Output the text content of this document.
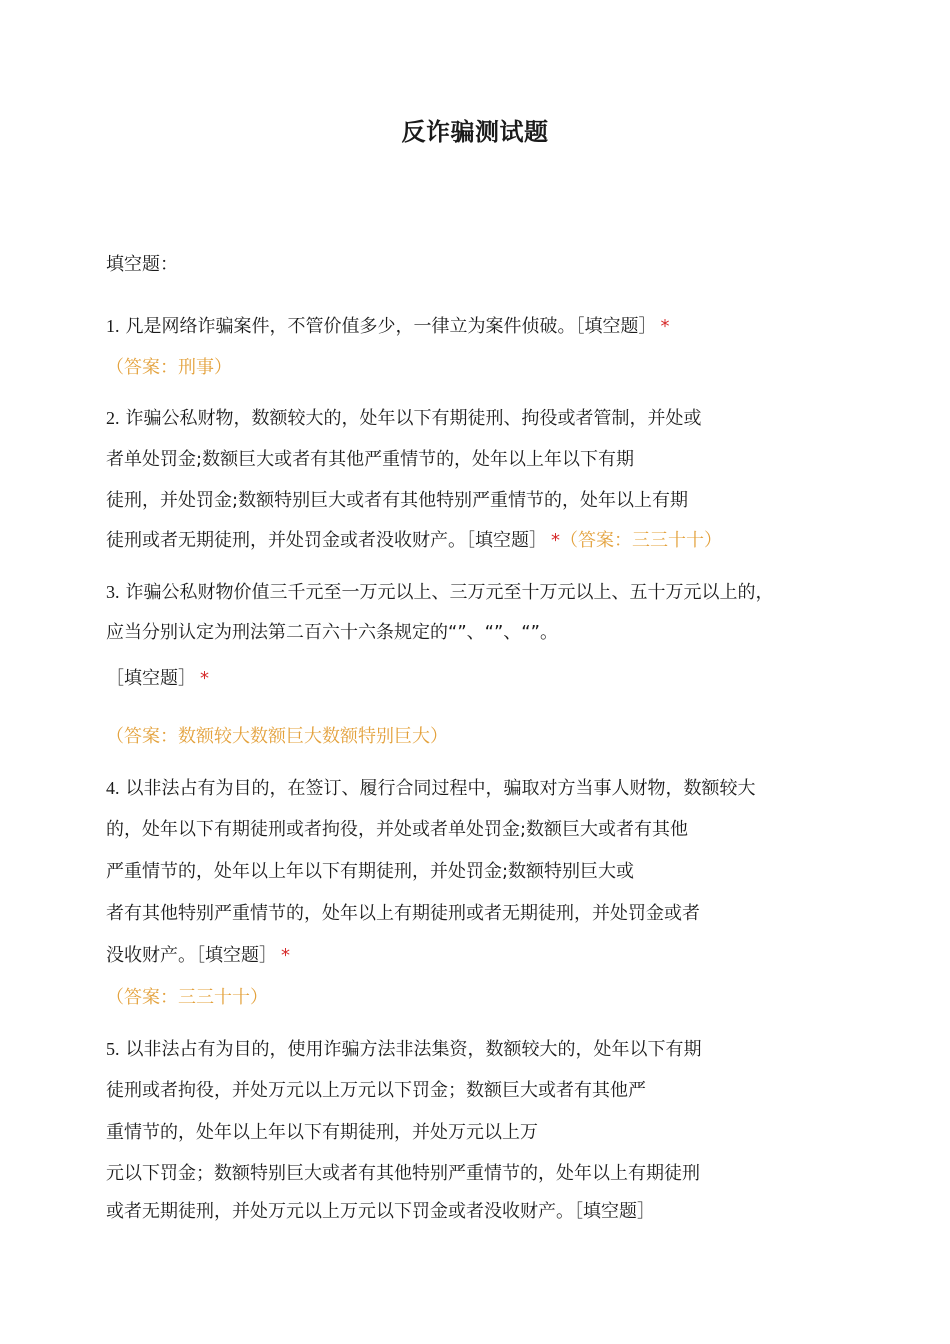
反诈骗测试题
填空题：
1. 凡是网络诈骗案件，不管价值多少，一律立为案件侦破。［填空题］ *
（答案：刑事）
2. 诈骗公私财物，数额较大的，处年以下有期徒刑、拘役或者管制，并处或
者单处罚金;数额巨大或者有其他严重情节的，处年以上年以下有期
徒刑，并处罚金;数额特别巨大或者有其他特别严重情节的，处年以上有期
徒刑或者无期徒刑，并处罚金或者没收财产。［填空题］ *（答案：三三十十）
3. 诈骗公私财物价值三千元至一万元以上、三万元至十万元以上、五十万元以上的，
应当分别认定为刑法第二百六十六条规定的“”、“”、“”。
［填空题］ *
（答案：数额较大数额巨大数额特别巨大）
4. 以非法占有为目的，在签订、履行合同过程中，骗取对方当事人财物，数额较大
的，处年以下有期徒刑或者拘役，并处或者单处罚金;数额巨大或者有其他
严重情节的，处年以上年以下有期徒刑，并处罚金;数额特别巨大或
者有其他特别严重情节的，处年以上有期徒刑或者无期徒刑，并处罚金或者
没收财产。［填空题］ *
（答案：三三十十）
5. 以非法占有为目的，使用诈骗方法非法集资，数额较大的，处年以下有期
徒刑或者拘役，并处万元以上万元以下罚金；数额巨大或者有其他严
重情节的，处年以上年以下有期徒刑，并处万元以上万
元以下罚金；数额特别巨大或者有其他特别严重情节的，处年以上有期徒刑
或者无期徒刑，并处万元以上万元以下罚金或者没收财产。［填空题］
